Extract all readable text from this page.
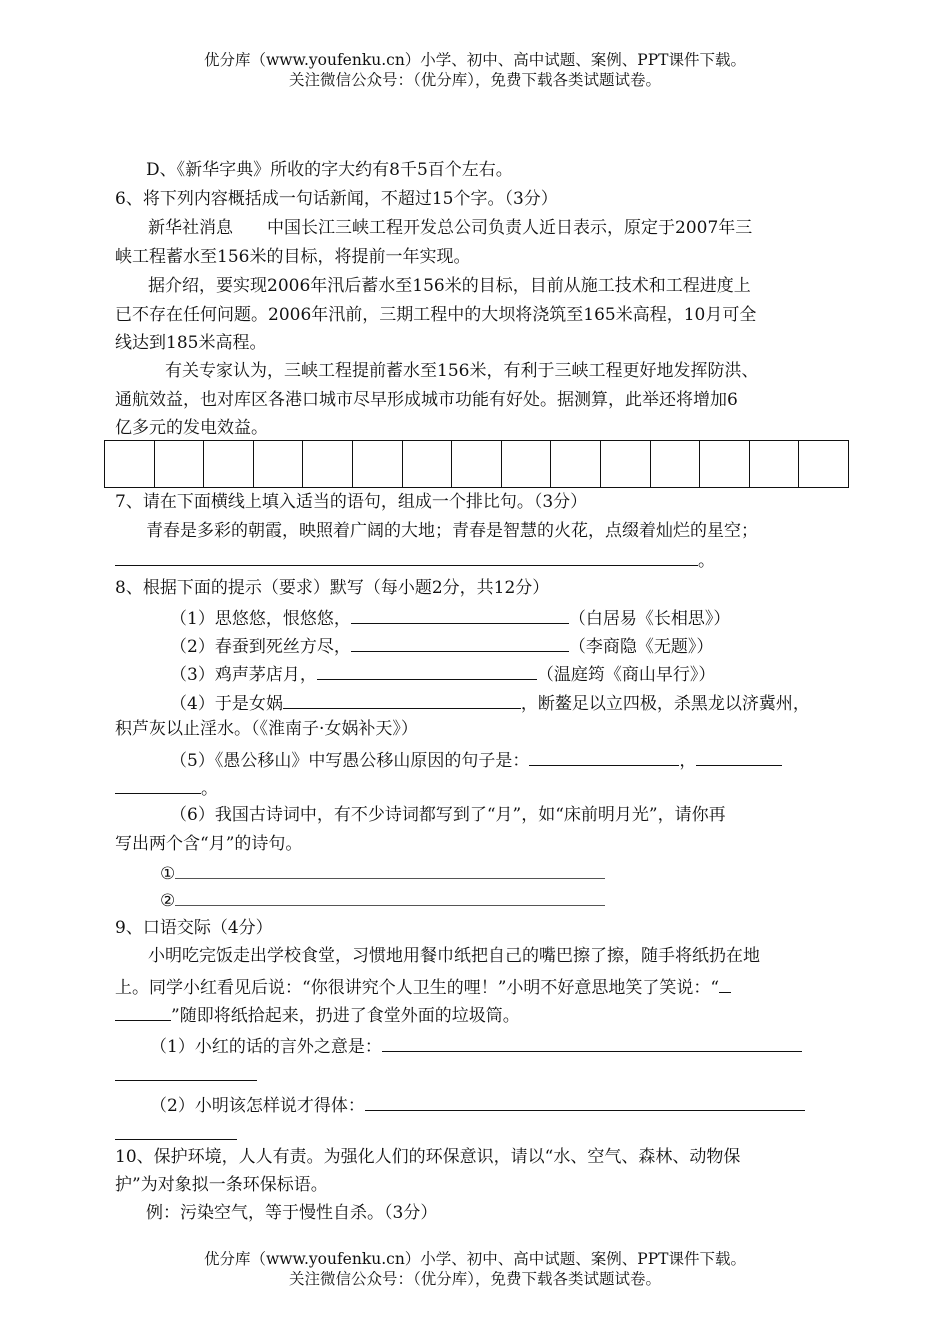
优分库（www.youfenku.cn）小学、初中、高中试题、案例、PPT课件下载。
关注微信公众号：（优分库），免费下载各类试题试卷。
D、《新华字典》所收的字大约有8千5百个左右。
6、将下列内容概括成一句话新闻，不超过15个字。（3分）
新华社消息　　中国长江三峡工程开发总公司负责人近日表示，原定于2007年三
峡工程蓄水至156米的目标，将提前一年实现。
据介绍，要实现2006年汛后蓄水至156米的目标，目前从施工技术和工程进度上
已不存在任何问题。2006年汛前，三期工程中的大坝将浇筑至165米高程，10月可全
线达到185米高程。
有关专家认为，三峡工程提前蓄水至156米，有利于三峡工程更好地发挥防洪、
通航效益，也对库区各港口城市尽早形成城市功能有好处。据测算，此举还将增加6
亿多元的发电效益。

7、请在下面横线上填入适当的语句，组成一个排比句。（3分）
青春是多彩的朝霞，映照着广阔的大地；青春是智慧的火花，点缀着灿烂的星空；
。
8、根据下面的提示（要求）默写（每小题2分，共12分）
（1）思悠悠，恨悠悠，	（白居易《长相思》）
（2）春蚕到死丝方尽，	（李商隐《无题》）
（3）鸡声茅店月，	（温庭筠《商山早行》）
（4）于是女娲	，断鳌足以立四极，杀黑龙以济冀州，
积芦灰以止淫水。（《淮南子·女娲补天》）
（5）《愚公移山》中写愚公移山原因的句子是：	，
。
（6）我国古诗词中，有不少诗词都写到了“月”，如“床前明月光”，请你再
写出两个含“月”的诗句。
①
②
9、口语交际（4分）
小明吃完饭走出学校食堂，习惯地用餐巾纸把自己的嘴巴擦了擦，随手将纸扔在地
上。同学小红看见后说：“你很讲究个人卫生的哩！”小明不好意思地笑了笑说：“
”随即将纸拾起来，扔进了食堂外面的垃圾筒。
（1）小红的话的言外之意是：
（2）小明该怎样说才得体：
10、保护环境，人人有责。为强化人们的环保意识，请以“水、空气、森林、动物保
护”为对象拟一条环保标语。
例：污染空气，等于慢性自杀。（3分）
优分库（www.youfenku.cn）小学、初中、高中试题、案例、PPT课件下载。
关注微信公众号：（优分库），免费下载各类试题试卷。
